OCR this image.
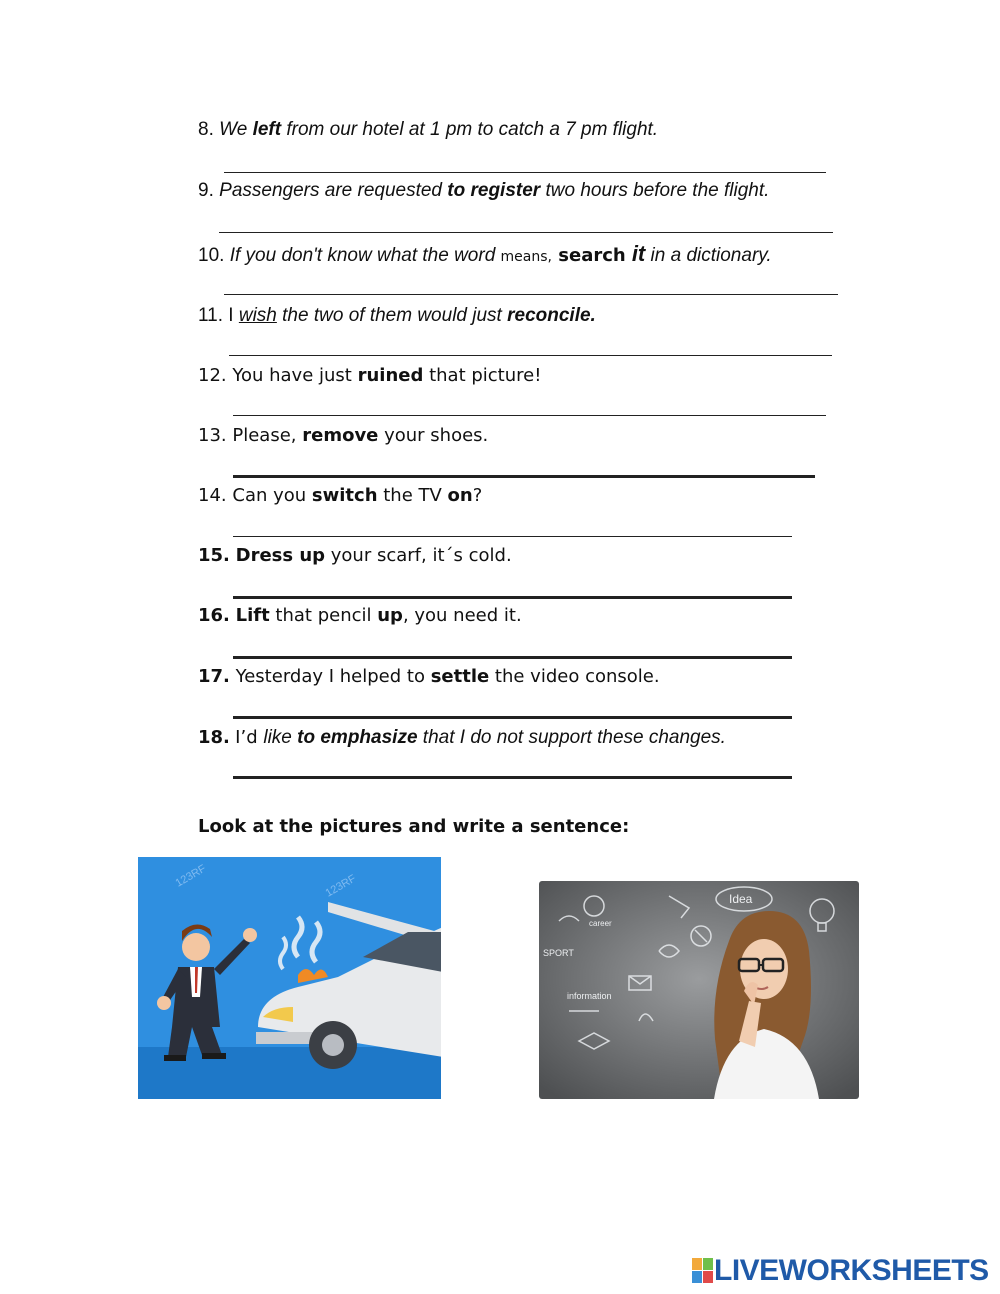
8. We left from our hotel at 1 pm to catch a 7 pm flight.
9. Passengers are requested to register two hours before the flight.
10. If you don't know what the word means, search it in a dictionary.
11. I wish the two of them would just reconcile.
12. You have just ruined that picture!
13. Please, remove your shoes.
14. Can you switch the TV on?
15. Dress up your scarf, it´s cold.
16. Lift that pencil up, you need it.
17. Yesterday I helped to settle the video console.
18. I’d like to emphasize that I do not support these changes.
Look at the pictures and write a sentence:
123RF	123RF	Idea
SPORT
information
career
LIVEWORKSHEETS
